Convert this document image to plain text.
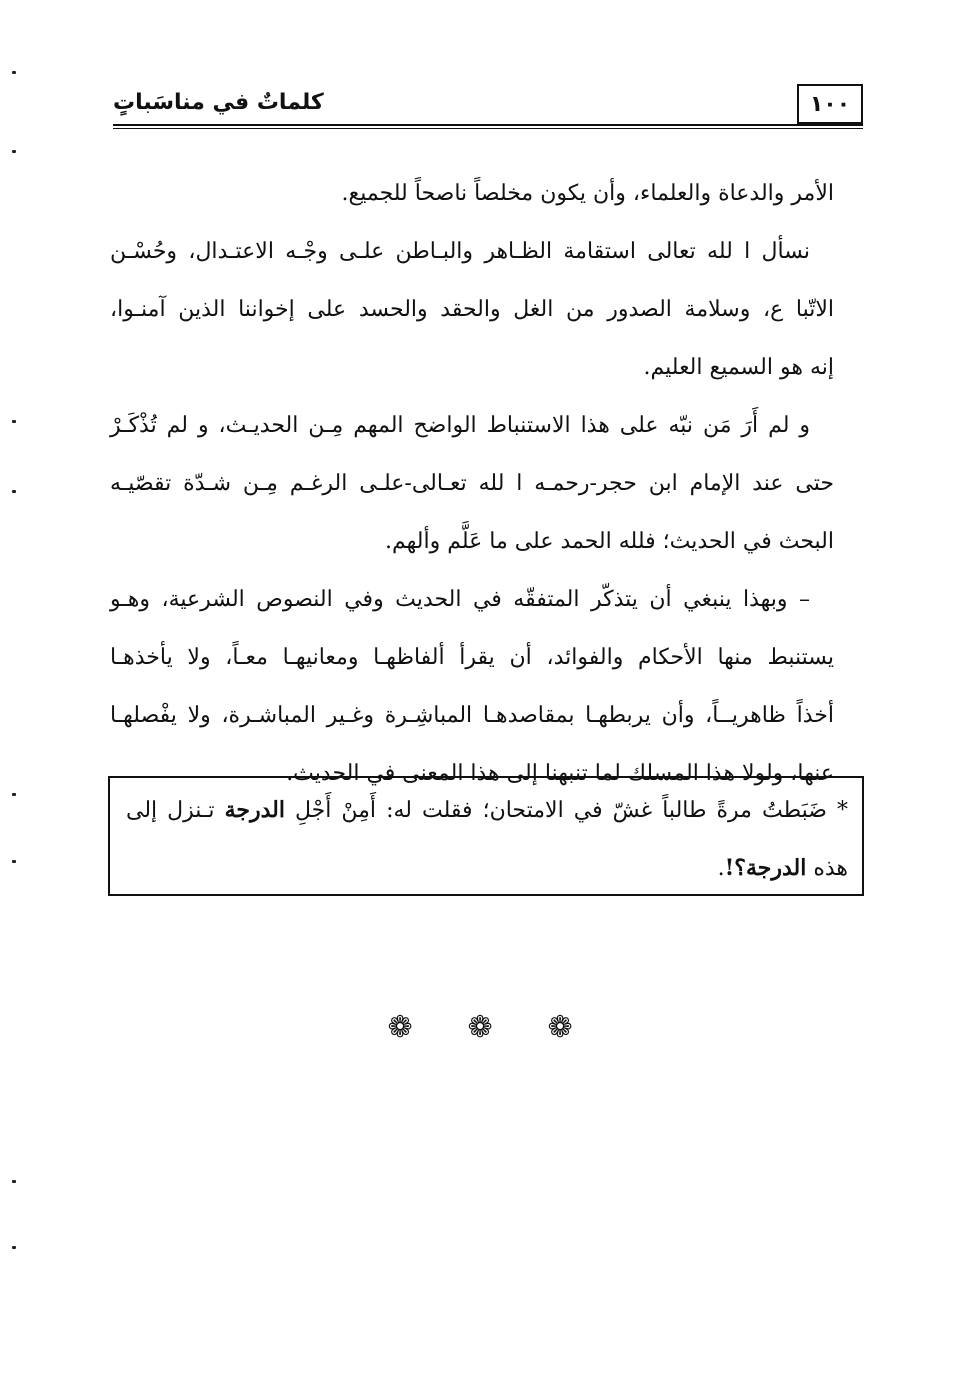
كلماتٌ في مناسَباتٍ	١٠٠
الأمر والدعاة والعلماء، وأن يكون مخلصاً ناصحاً للجميع.
نسأل ا لله تعالى استقامة الظـاهر والبـاطن علـى وجْـه الاعتـدال، وحُسْـن
الاتّبا ع، وسلامة الصدور من الغل والحقد والحسد على إخواننا الذين آمنـوا،
إنه هو السميع العليم.
و لم أَرَ مَن نبّه على هذا الاستنباط الواضح المهم مِـن الحديـث، و لم تُذْكَـرْ
حتى عند الإمام ابن حجر-رحمـه ا لله تعـالى-علـى الرغـم مِـن شـدّة تقصّيـه
البحث في الحديث؛ فلله الحمد على ما عَلَّم وألهم.
– وبهذا ينبغي أن يتذكّر المتفقّه في الحديث وفي النصوص الشرعية، وهـو
يستنبط منها الأحكام والفوائد، أن يقرأ ألفاظهـا ومعانيهـا معـاً، ولا يأخذهـا
أخذاً ظاهريــاً، وأن يربطهـا بمقاصدهـا المباشِـرة وغـير المباشـرة، ولا يفْصلهـا
عنها، ولولا هذا المسلك لما تنبهنا إلى هذا المعنى في الحديث.
* ضَبَطتُ مرةً طالباً غشّ في الامتحان؛ فقلت له: أَمِنْ أَجْلِ الدرجة تـنزل إلى
هذه الدرجة؟!.
❁
❁
❁
